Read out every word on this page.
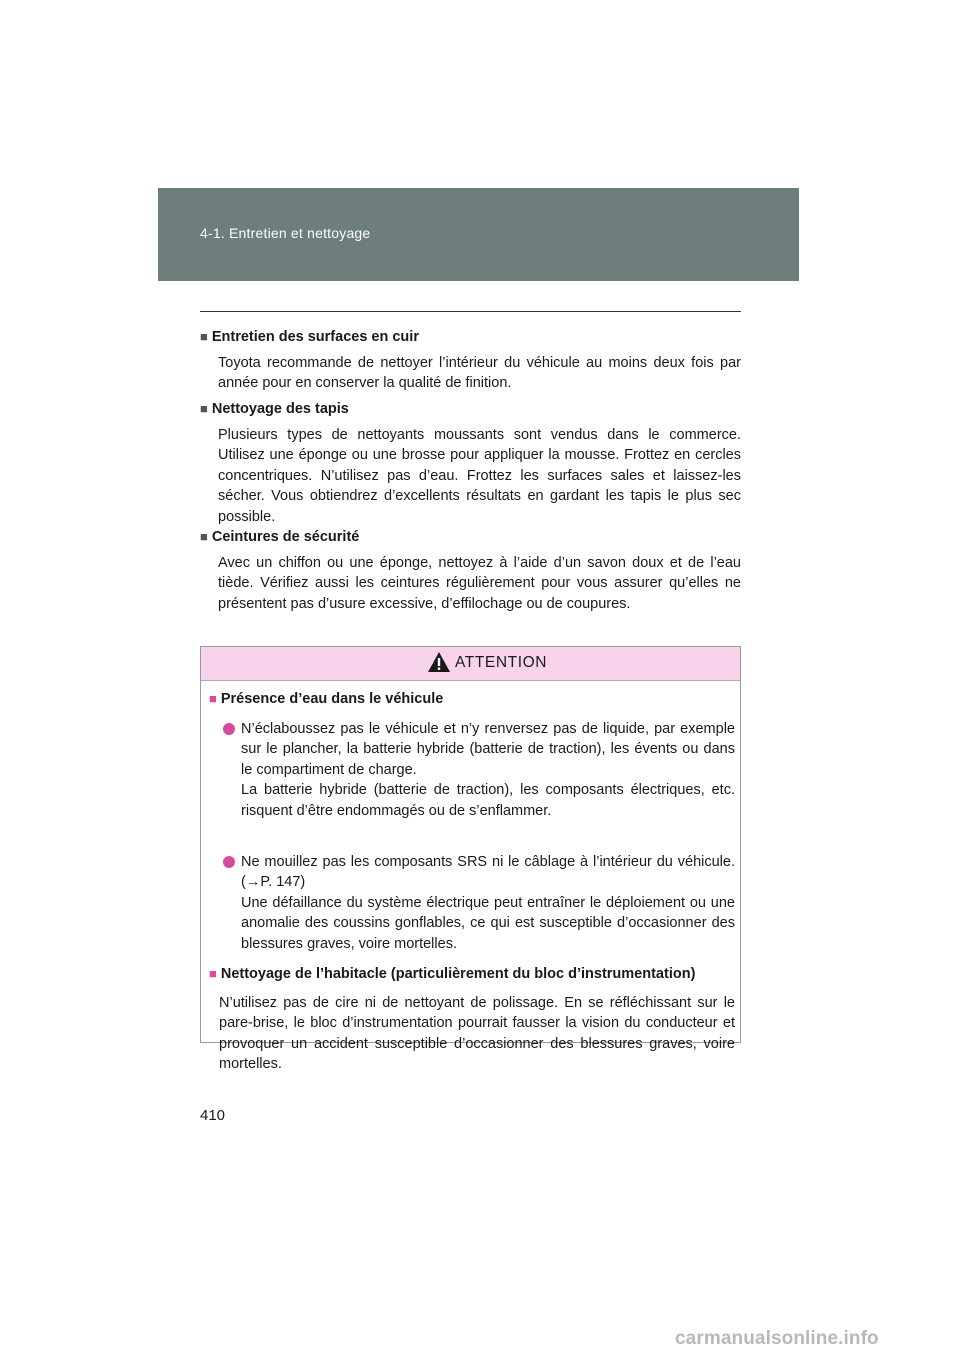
4-1. Entretien et nettoyage

■ Entretien des surfaces en cuir

Toyota recommande de nettoyer l’intérieur du véhicule au moins deux fois par année pour en conserver la qualité de finition.

■ Nettoyage des tapis

Plusieurs types de nettoyants moussants sont vendus dans le commerce. Utilisez une éponge ou une brosse pour appliquer la mousse. Frottez en cercles concentriques. N’utilisez pas d’eau. Frottez les surfaces sales et laissez-les sécher. Vous obtiendrez d’excellents résultats en gardant les tapis le plus sec possible.

■ Ceintures de sécurité

Avec un chiffon ou une éponge, nettoyez à l’aide d’un savon doux et de l’eau tiède. Vérifiez aussi les ceintures régulièrement pour vous assurer qu’elles ne présentent pas d’usure excessive, d’effilochage ou de coupures.
ATTENTION
■ Présence d’eau dans le véhicule
N’éclaboussez pas le véhicule et n’y renversez pas de liquide, par exemple sur le plancher, la batterie hybride (batterie de traction), les évents ou dans le compartiment de charge.
La batterie hybride (batterie de traction), les composants électriques, etc. risquent d’être endommagés ou de s’enflammer.
Ne mouillez pas les composants SRS ni le câblage à l’intérieur du véhicule. (→P. 147)
Une défaillance du système électrique peut entraîner le déploiement ou une anomalie des coussins gonflables, ce qui est susceptible d’occasionner des blessures graves, voire mortelles.
■ Nettoyage de l’habitacle (particulièrement du bloc d’instrumentation)
N’utilisez pas de cire ni de nettoyant de polissage. En se réfléchissant sur le pare-brise, le bloc d’instrumentation pourrait fausser la vision du conducteur et provoquer un accident susceptible d’occasionner des blessures graves, voire mortelles.
410
carmanualsonline.info
